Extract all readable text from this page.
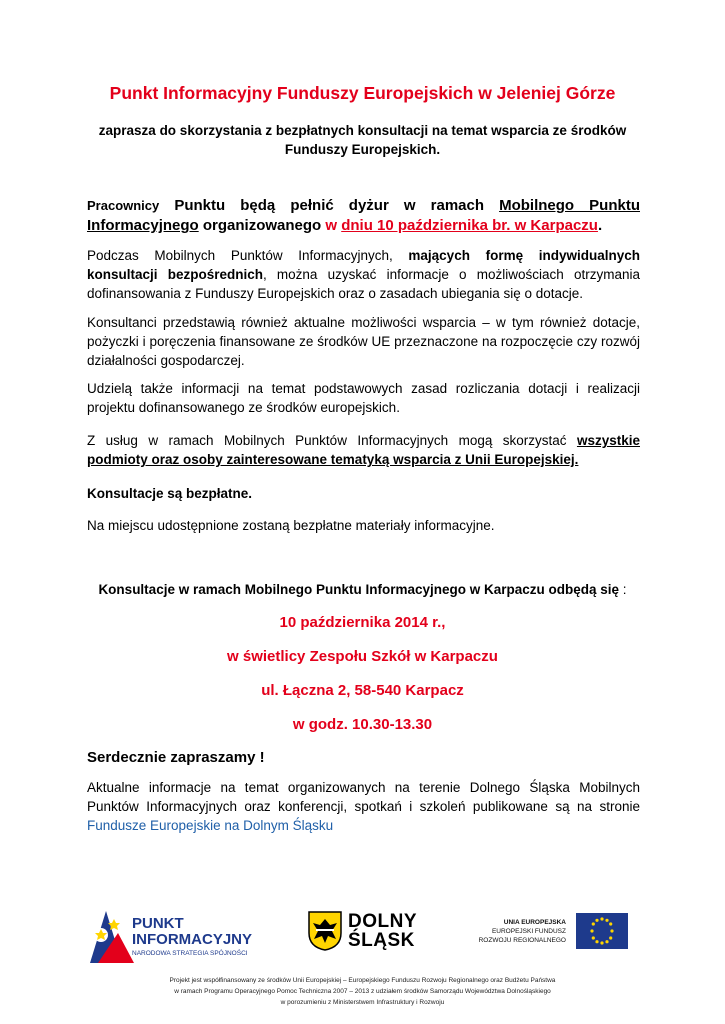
Punkt Informacyjny Funduszy Europejskich w Jeleniej Górze
zaprasza do skorzystania z bezpłatnych konsultacji na temat wsparcia ze środków Funduszy Europejskich.
Pracownicy Punktu będą pełnić dyżur w ramach Mobilnego Punktu Informacyjnego organizowanego w dniu 10 października br. w Karpaczu.
Podczas Mobilnych Punktów Informacyjnych, mających formę indywidualnych konsultacji bezpośrednich, można uzyskać informacje o możliwościach otrzymania dofinansowania z Funduszy Europejskich oraz o zasadach ubiegania się o dotacje.
Konsultanci przedstawią również aktualne możliwości wsparcia – w tym również dotacje, pożyczki i poręczenia finansowane ze środków UE przeznaczone na rozpoczęcie czy rozwój działalności gospodarczej.
Udzielą także informacji na temat podstawowych zasad rozliczania dotacji i realizacji projektu dofinansowanego ze środków europejskich.
Z usług w ramach Mobilnych Punktów Informacyjnych mogą skorzystać wszystkie podmioty oraz osoby zainteresowane tematyką wsparcia z Unii Europejskiej.
Konsultacje są bezpłatne.
Na miejscu udostępnione zostaną bezpłatne materiały informacyjne.
Konsultacje w ramach Mobilnego Punktu Informacyjnego w Karpaczu odbędą się :
10 października 2014 r.,
w świetlicy Zespołu Szkół w Karpaczu
ul. Łączna 2, 58-540 Karpacz
w godz. 10.30-13.30
Serdecznie zapraszamy !
Aktualne informacje na temat organizowanych na terenie Dolnego Śląska Mobilnych Punktów Informacyjnych oraz konferencji, spotkań i szkoleń publikowane są na stronie Fundusze Europejskie na Dolnym Śląsku
PUNKT
INFORMACYJNY
NARODOWA STRATEGIA SPÓJNOŚCI
DOLNY
ŚLĄSK
UNIA EUROPEJSKA
EUROPEJSKI FUNDUSZ
ROZWOJU REGIONALNEGO
Projekt jest współfinansowany ze środków Unii Europejskiej – Europejskiego Funduszu Rozwoju Regionalnego oraz Budżetu Państwa
w ramach Programu Operacyjnego Pomoc Techniczna 2007 – 2013 z udziałem środków Samorządu Województwa Dolnośląskiego
w porozumieniu z Ministerstwem Infrastruktury i Rozwoju
